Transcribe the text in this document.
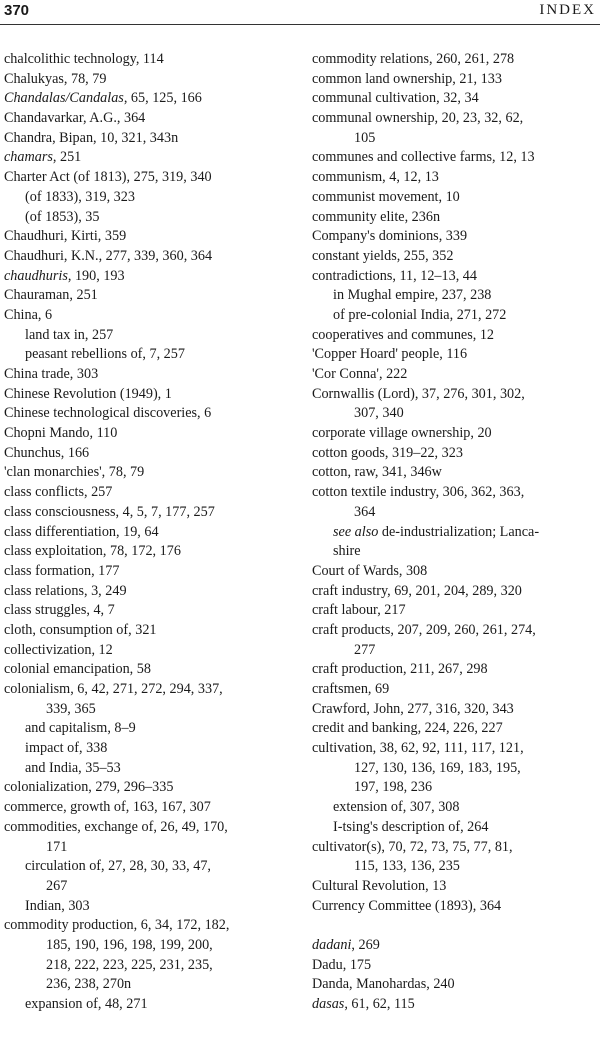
370	INDEX
chalcolithic technology, 114
Chalukyas, 78, 79
Chandalas/Candalas, 65, 125, 166
Chandavarkar, A.G., 364
Chandra, Bipan, 10, 321, 343n
chamars, 251
Charter Act (of 1813), 275, 319, 340
(of 1833), 319, 323
(of 1853), 35
Chaudhuri, Kirti, 359
Chaudhuri, K.N., 277, 339, 360, 364
chaudhuris, 190, 193
Chauraman, 251
China, 6
land tax in, 257
peasant rebellions of, 7, 257
China trade, 303
Chinese Revolution (1949), 1
Chinese technological discoveries, 6
Chopni Mando, 110
Chunchus, 166
'clan monarchies', 78, 79
class conflicts, 257
class consciousness, 4, 5, 7, 177, 257
class differentiation, 19, 64
class exploitation, 78, 172, 176
class formation, 177
class relations, 3, 249
class struggles, 4, 7
cloth, consumption of, 321
collectivization, 12
colonial emancipation, 58
colonialism, 6, 42, 271, 272, 294, 337,
339, 365
and capitalism, 8–9
impact of, 338
and India, 35–53
colonialization, 279, 296–335
commerce, growth of, 163, 167, 307
commodities, exchange of, 26, 49, 170,
171
circulation of, 27, 28, 30, 33, 47,
267
Indian, 303
commodity production, 6, 34, 172, 182,
185, 190, 196, 198, 199, 200,
218, 222, 223, 225, 231, 235,
236, 238, 270n
expansion of, 48, 271
commodity relations, 260, 261, 278
common land ownership, 21, 133
communal cultivation, 32, 34
communal ownership, 20, 23, 32, 62,
105
communes and collective farms, 12, 13
communism, 4, 12, 13
communist movement, 10
community elite, 236n
Company's dominions, 339
constant yields, 255, 352
contradictions, 11, 12–13, 44
in Mughal empire, 237, 238
of pre-colonial India, 271, 272
cooperatives and communes, 12
'Copper Hoard' people, 116
'Cor Conna', 222
Cornwallis (Lord), 37, 276, 301, 302,
307, 340
corporate village ownership, 20
cotton goods, 319–22, 323
cotton, raw, 341, 346w
cotton textile industry, 306, 362, 363,
364
see also de-industrialization; Lanca-
shire
Court of Wards, 308
craft industry, 69, 201, 204, 289, 320
craft labour, 217
craft products, 207, 209, 260, 261, 274,
277
craft production, 211, 267, 298
craftsmen, 69
Crawford, John, 277, 316, 320, 343
credit and banking, 224, 226, 227
cultivation, 38, 62, 92, 111, 117, 121,
127, 130, 136, 169, 183, 195,
197, 198, 236
extension of, 307, 308
I-tsing's description of, 264
cultivator(s), 70, 72, 73, 75, 77, 81,
115, 133, 136, 235
Cultural Revolution, 13
Currency Committee (1893), 364
dadani, 269
Dadu, 175
Danda, Manohardas, 240
dasas, 61, 62, 115
